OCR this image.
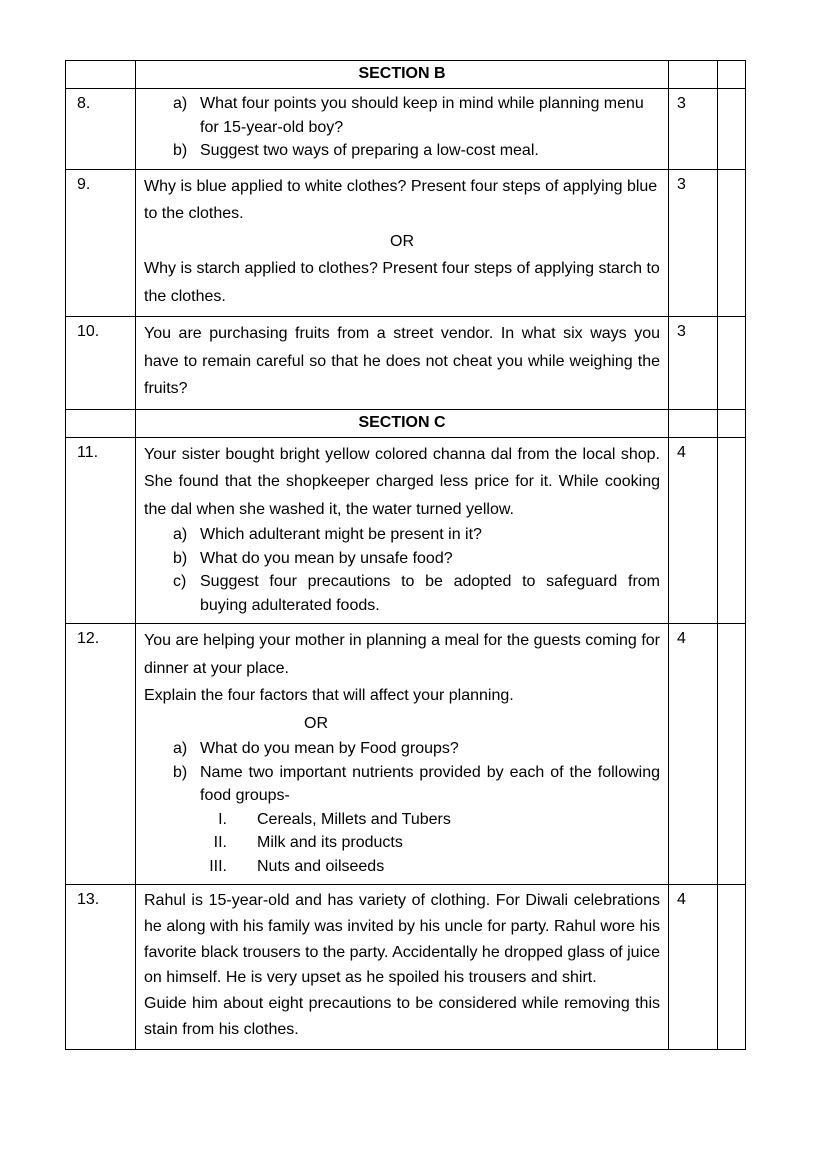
	SECTION B		
8.	a) What four points you should keep in mind while planning menu for 15-year-old boy?
b) Suggest two ways of preparing a low-cost meal.	3	
9.	Why is blue applied to white clothes? Present four steps of applying blue to the clothes.
OR
Why is starch applied to clothes? Present four steps of applying starch to the clothes.	3	
10.	You are purchasing fruits from a street vendor. In what six ways you have to remain careful so that he does not cheat you while weighing the fruits?	3	
	SECTION C		
11.	Your sister bought bright yellow colored channa dal from the local shop. She found that the shopkeeper charged less price for it. While cooking the dal when she washed it, the water turned yellow.
a) Which adulterant might be present in it?
b) What do you mean by unsafe food?
c) Suggest four precautions to be adopted to safeguard from buying adulterated foods.
	4	
12.	You are helping your mother in planning a meal for the guests coming for dinner at your place.
Explain the four factors that will affect your planning.
OR
a) What do you mean by Food groups?
b) Name two important nutrients provided by each of the following food groups-
I.	Cereals, Millets and Tubers
II.	Milk and its products
III.	Nuts and oilseeds
	4	
13.	Rahul is 15-year-old and has variety of clothing. For Diwali celebrations he along with his family was invited by his uncle for party. Rahul wore his favorite black trousers to the party. Accidentally he dropped glass of juice on himself. He is very upset as he spoiled his trousers and shirt.
Guide him about eight precautions to be considered while removing this stain from his clothes.	4	
